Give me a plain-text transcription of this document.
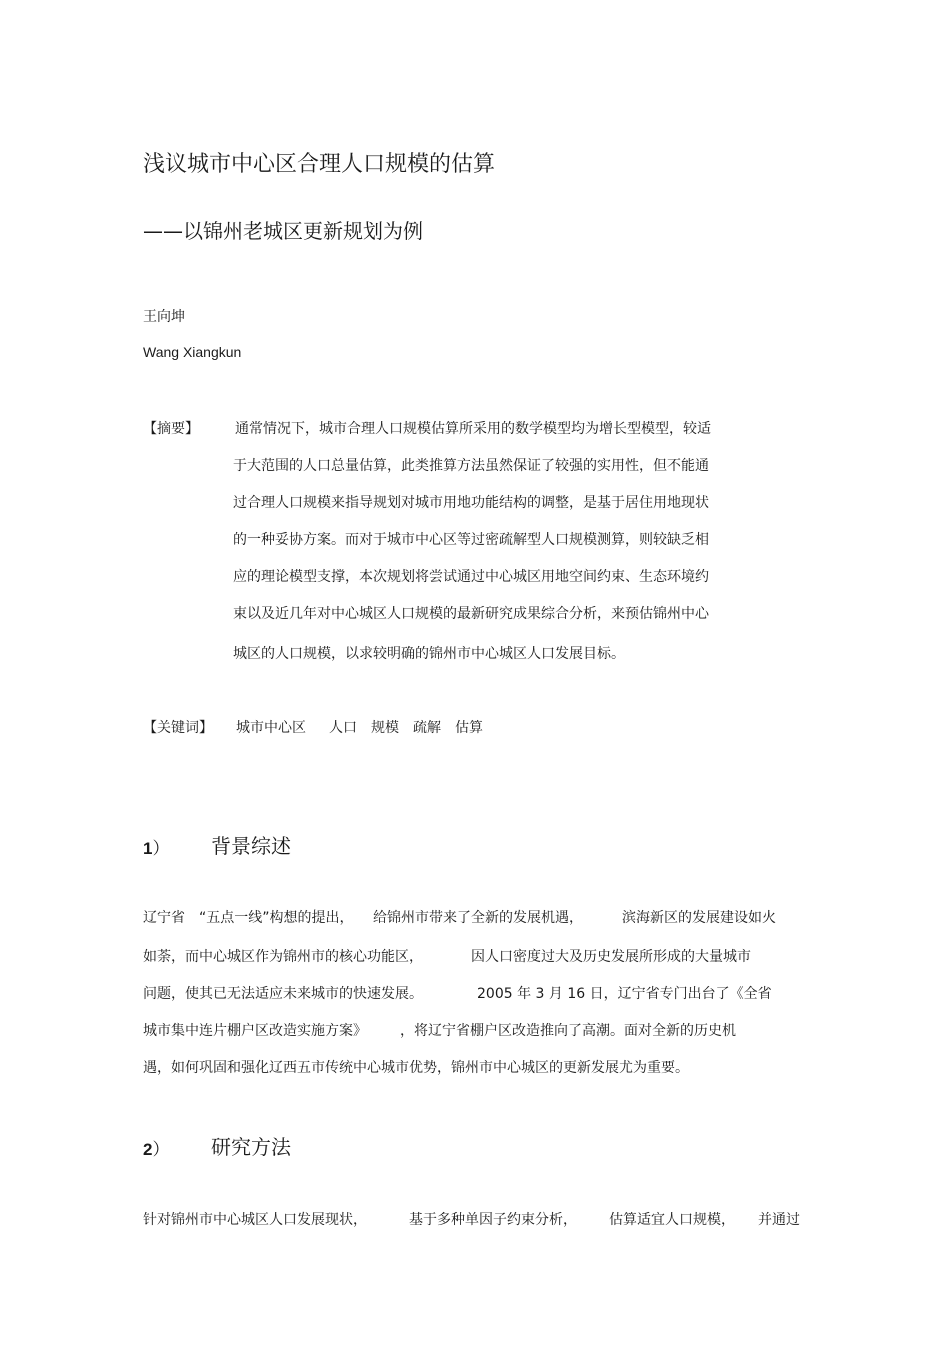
浅议城市中心区合理人口规模的估算
——以锦州老城区更新规划为例
王向坤
Wang Xiangkun
【摘要】	通常情况下，城市合理人口规模估算所采用的数学模型均为增长型模型，较适
于大范围的人口总量估算，此类推算方法虽然保证了较强的实用性，但不能通
过合理人口规模来指导规划对城市用地功能结构的调整，是基于居住用地现状
的一种妥协方案。而对于城市中心区等过密疏解型人口规模测算，则较缺乏相
应的理论模型支撑，本次规划将尝试通过中心城区用地空间约束、生态环境约
束以及近几年对中心城区人口规模的最新研究成果综合分析，来预估锦州中心
城区的人口规模，以求较明确的锦州市中心城区人口发展目标。
【关键词】 城市中心区 人口 规模 疏解 估算
1） 背景综述
辽宁省 “五点一线”构想的提出， 给锦州市带来了全新的发展机遇，	滨海新区的发展建设如火
如荼，而中心城区作为锦州市的核心功能区，	因人口密度过大及历史发展所形成的大量城市
问题，使其已无法适应未来城市的快速发展。	2005 年 3 月 16 日，辽宁省专门出台了《全省
城市集中连片棚户区改造实施方案》 ，将辽宁省棚户区改造推向了高潮。面对全新的历史机
遇，如何巩固和强化辽西五市传统中心城市优势，锦州市中心城区的更新发展尤为重要。
2） 研究方法
针对锦州市中心城区人口发展现状，	基于多种单因子约束分析， 估算适宜人口规模， 并通过
